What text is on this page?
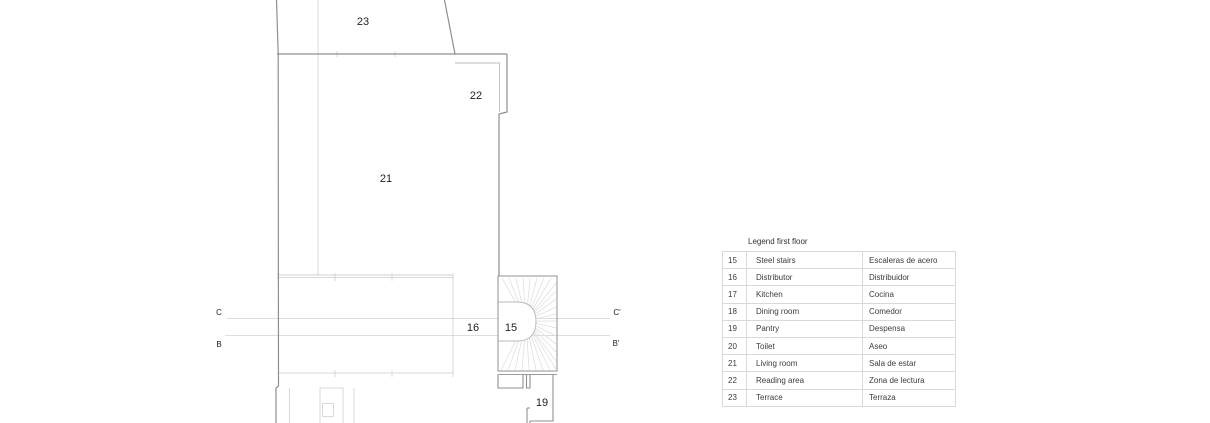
23
22
21
16 15
19
C	C'
B	B'
Legend first floor
15	Steel stairs	Escaleras de acero
16	Distributor	Distribuidor
17	Kitchen	Cocina
18	Dining room	Comedor
19	Pantry	Despensa
20	Toilet	Aseo
21	Living room	Sala de estar
22	Reading area	Zona de lectura
23	Terrace	Terraza
